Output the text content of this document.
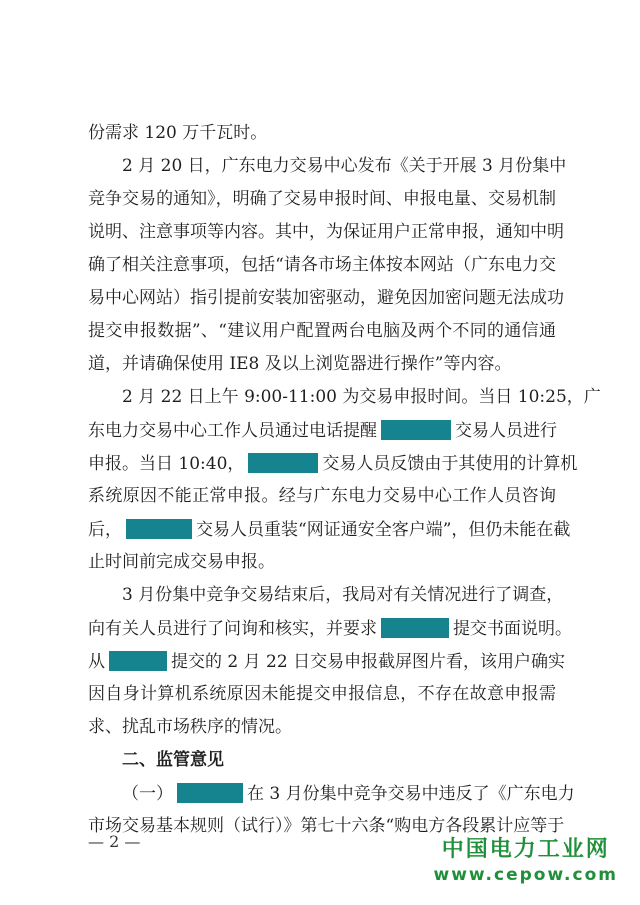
份需求 120 万千瓦时。
2 月 20 日，广东电力交易中心发布《关于开展 3 月份集中
竞争交易的通知》，明确了交易申报时间、申报电量、交易机制
说明、注意事项等内容。其中，为保证用户正常申报，通知中明
确了相关注意事项，包括“请各市场主体按本网站（广东电力交
易中心网站）指引提前安装加密驱动，避免因加密问题无法成功
提交申报数据”、“建议用户配置两台电脑及两个不同的通信通
道，并请确保使用 IE8 及以上浏览器进行操作”等内容。
2 月 22 日上午 9:00-11:00 为交易申报时间。当日 10:25，广
东电力交易中心工作人员通过电话提醒	交易人员进行
申报。当日 10:40，	交易人员反馈由于其使用的计算机
系统原因不能正常申报。经与广东电力交易中心工作人员咨询
后，	交易人员重装“网证通安全客户端”，但仍未能在截
止时间前完成交易申报。
3 月份集中竞争交易结束后，我局对有关情况进行了调查，
向有关人员进行了问询和核实，并要求	提交书面说明。
从	提交的 2 月 22 日交易申报截屏图片看，该用户确实
因自身计算机系统原因未能提交申报信息，不存在故意申报需
求、扰乱市场秩序的情况。
二、监管意见
（一）	在 3 月份集中竞争交易中违反了《广东电力
市场交易基本规则（试行）》第七十六条“购电方各段累计应等于
— 2 —	中国电力工业网
www.cepow.com
